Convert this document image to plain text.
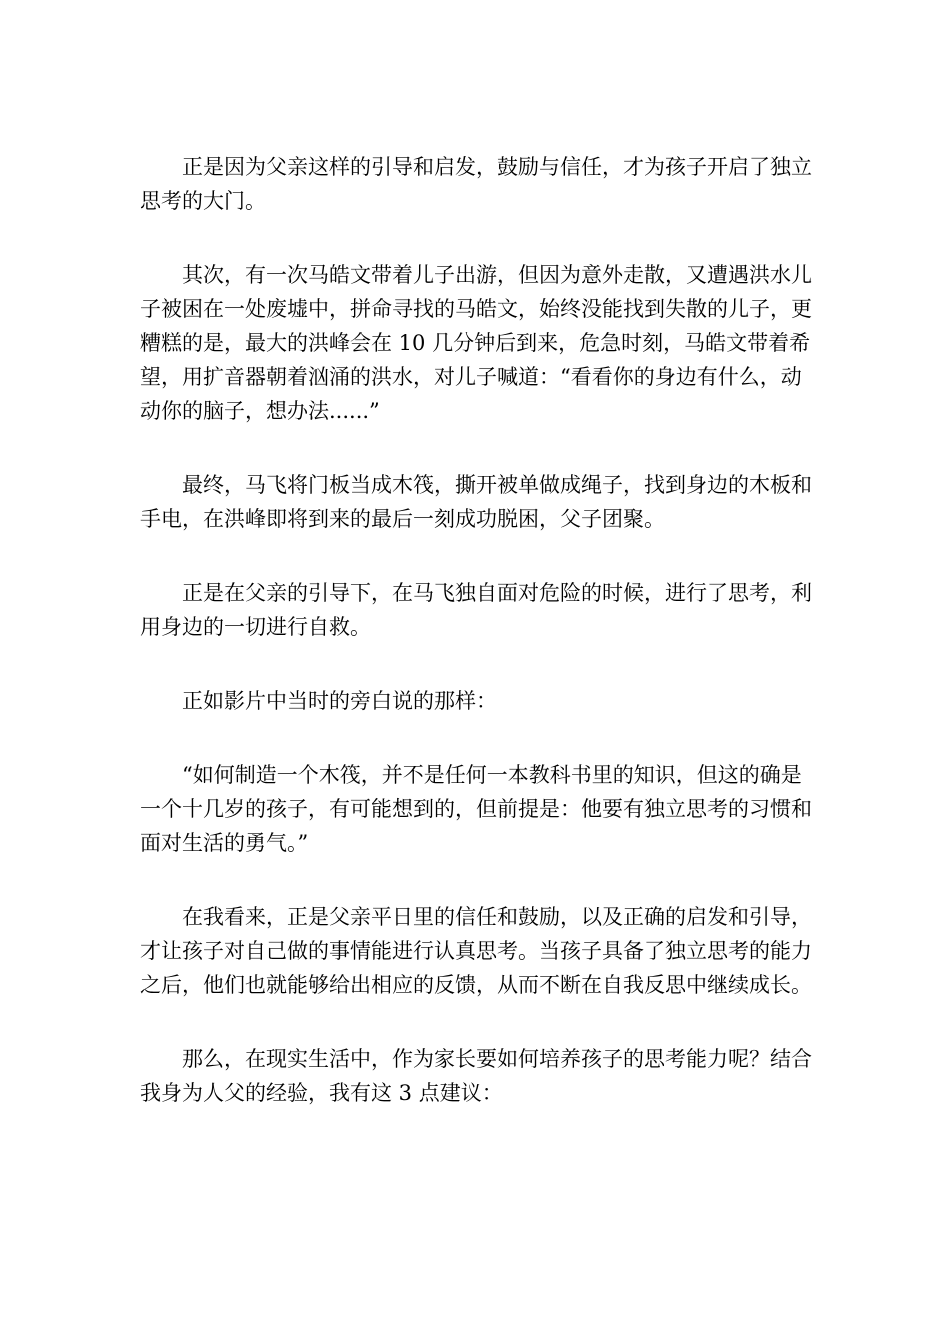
正是因为父亲这样的引导和启发，鼓励与信任，才为孩子开启了独立思考的大门。

其次，有一次马皓文带着儿子出游，但因为意外走散，又遭遇洪水儿子被困在一处废墟中，拼命寻找的马皓文，始终没能找到失散的儿子，更糟糕的是，最大的洪峰会在 10 几分钟后到来，危急时刻，马皓文带着希望，用扩音器朝着汹涌的洪水，对儿子喊道：“看看你的身边有什么，动动你的脑子，想办法......”

最终，马飞将门板当成木筏，撕开被单做成绳子，找到身边的木板和手电，在洪峰即将到来的最后一刻成功脱困，父子团聚。

正是在父亲的引导下，在马飞独自面对危险的时候，进行了思考，利用身边的一切进行自救。

正如影片中当时的旁白说的那样：

“如何制造一个木筏，并不是任何一本教科书里的知识，但这的确是一个十几岁的孩子，有可能想到的，但前提是：他要有独立思考的习惯和面对生活的勇气。”

在我看来，正是父亲平日里的信任和鼓励，以及正确的启发和引导，才让孩子对自己做的事情能进行认真思考。当孩子具备了独立思考的能力之后，他们也就能够给出相应的反馈，从而不断在自我反思中继续成长。

那么，在现实生活中，作为家长要如何培养孩子的思考能力呢？结合我身为人父的经验，我有这 3 点建议：
